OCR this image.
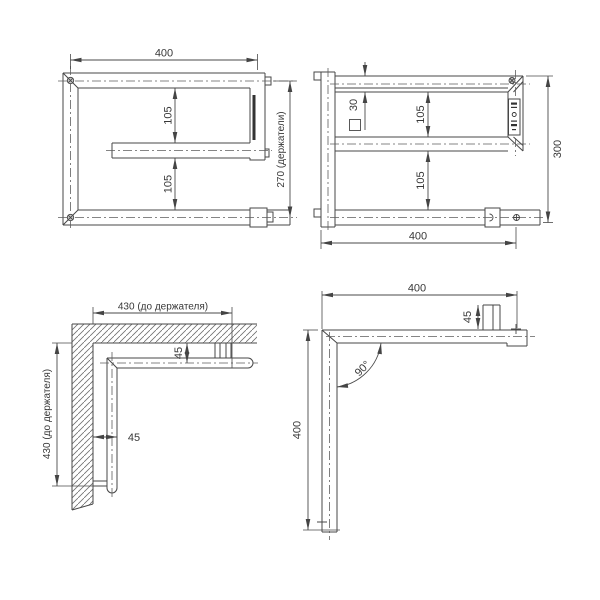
400
105
105	270 (держатели)
30
105
105
300
400
430 (до держателя)
430 (до держателя)
45
45
45
400
400
90°
